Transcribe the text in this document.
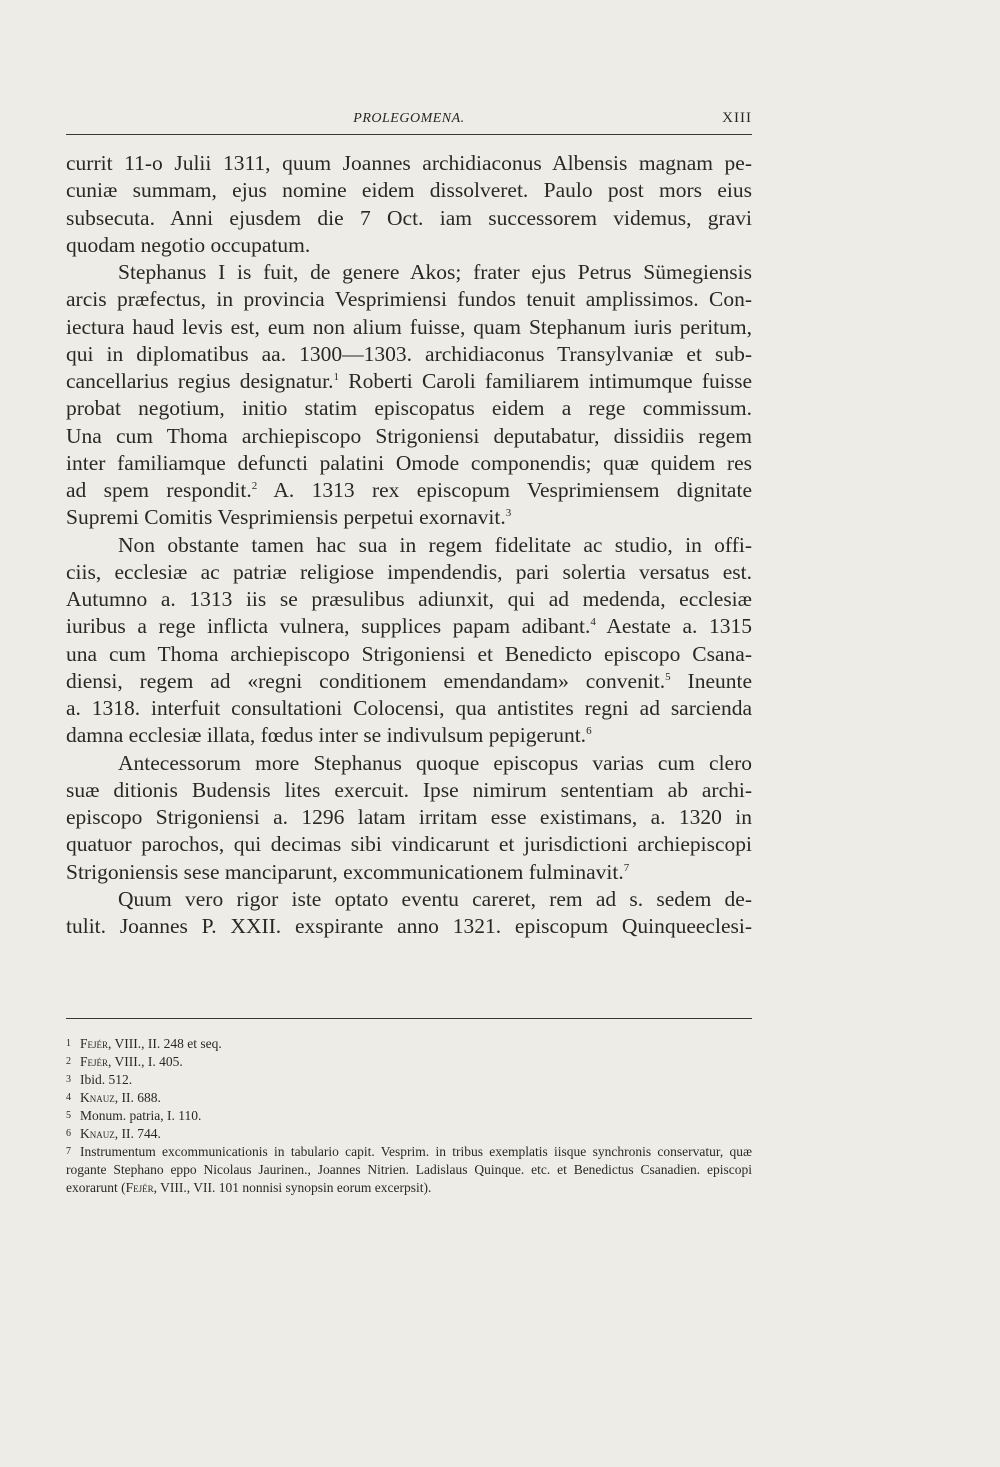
PROLEGOMENA.	XIII

currit 11-o Julii 1311, quum Joannes archidiaconus Albensis magnam pe-
cuniæ summam, ejus nomine eidem dissolveret. Paulo post mors eius
subsecuta. Anni ejusdem die 7 Oct. iam successorem videmus, gravi
quodam negotio occupatum.

Stephanus I is fuit, de genere Akos; frater ejus Petrus Sümegiensis
arcis præfectus, in provincia Vesprimiensi fundos tenuit amplissimos. Con-
iectura haud levis est, eum non alium fuisse, quam Stephanum iuris peritum,
qui in diplomatibus aa. 1300—1303. archidiaconus Transylvaniæ et sub-
cancellarius regius designatur.$^1$ Roberti Caroli familiarem intimumque fuisse
probat negotium, initio statim episcopatus eidem a rege commissum.
Una cum Thoma archiepiscopo Strigoniensi deputabatur, dissidiis regem
inter familiamque defuncti palatini Omode componendis; quæ quidem res
ad spem respondit.$^2$ A. 1313 rex episcopum Vesprimiensem dignitate
Supremi Comitis Vesprimiensis perpetui exornavit.$^3$

Non obstante tamen hac sua in regem fidelitate ac studio, in offi-
ciis, ecclesiæ ac patriæ religiose impendendis, pari solertia versatus est.
Autumno a. 1313 iis se præsulibus adiunxit, qui ad medenda, ecclesiæ
iuribus a rege inflicta vulnera, supplices papam adibant.$^4$ Aestate a. 1315
una cum Thoma archiepiscopo Strigoniensi et Benedicto episcopo Csana-
diensi, regem ad «regni conditionem emendandam» convenit.$^5$ Ineunte
a. 1318. interfuit consultationi Colocensi, qua antistites regni ad sarcienda
damna ecclesiæ illata, fœdus inter se indivulsum pepigerunt.$^6$

Antecessorum more Stephanus quoque episcopus varias cum clero
suæ ditionis Budensis lites exercuit. Ipse nimirum sententiam ab archi-
episcopo Strigoniensi a. 1296 latam irritam esse existimans, a. 1320 in
quatuor parochos, qui decimas sibi vindicarunt et jurisdictioni archiepiscopi
Strigoniensis sese manciparunt, excommunicationem fulminavit.$^7$

Quum vero rigor iste optato eventu careret, rem ad s. sedem de-
tulit. Joannes P. XXII. exspirante anno 1321. episcopum Quinqueeclesi-

1 Fejér, VIII., II. 248 et seq.
2 Fejér, VIII., I. 405.
3 Ibid. 512.
4 Knauz, II. 688.
5 Monum. patria, I. 110.
6 Knauz, II. 744.
7 Instrumentum excommunicationis in tabulario capit. Vesprim. in tribus exemplatis iisque synchronis conservatur, quæ rogante Stephano eppo Nicolaus Jaurinen., Joannes Nitrien. Ladislaus Quinque. etc. et Benedictus Csanadien. episcopi exorarunt (Fejér, VIII., VII. 101 nonnisi synopsin eorum excerpsit).
